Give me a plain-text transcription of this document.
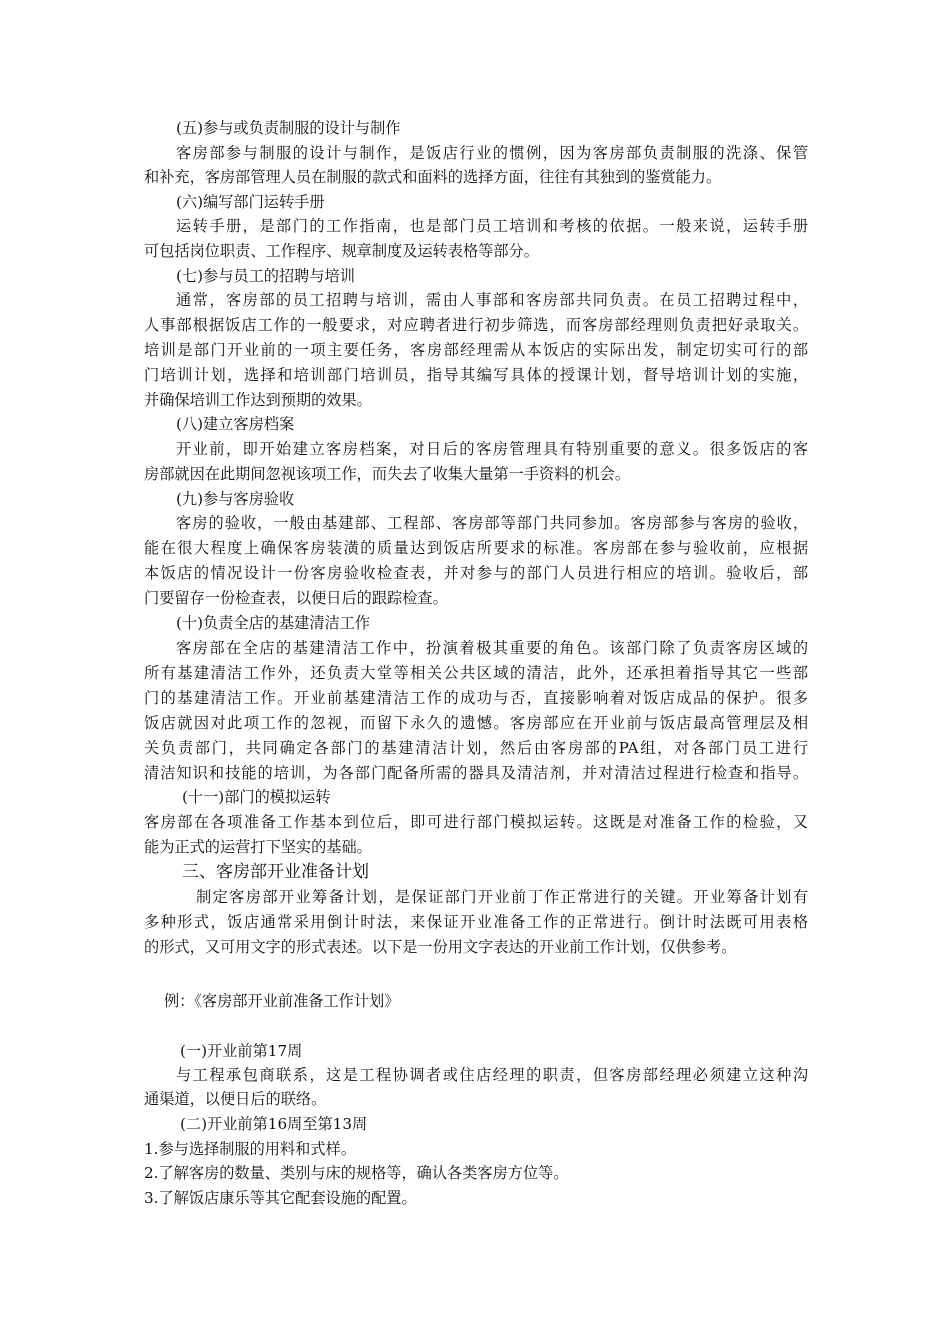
(五)参与或负责制服的设计与制作
客房部参与制服的设计与制作，是饭店行业的惯例，因为客房部负责制服的洗涤、保管
和补充，客房部管理人员在制服的款式和面料的选择方面，往往有其独到的鉴赏能力。
(六)编写部门运转手册
运转手册，是部门的工作指南，也是部门员工培训和考核的依据。一般来说，运转手册
可包括岗位职责、工作程序、规章制度及运转表格等部分。
(七)参与员工的招聘与培训
通常，客房部的员工招聘与培训，需由人事部和客房部共同负责。在员工招聘过程中，
人事部根据饭店工作的一般要求，对应聘者进行初步筛选，而客房部经理则负责把好录取关。
培训是部门开业前的一项主要任务，客房部经理需从本饭店的实际出发，制定切实可行的部
门培训计划，选择和培训部门培训员，指导其编写具体的授课计划，督导培训计划的实施，
并确保培训工作达到预期的效果。
(八)建立客房档案
开业前，即开始建立客房档案，对日后的客房管理具有特别重要的意义。很多饭店的客
房部就因在此期间忽视该项工作，而失去了收集大量第一手资料的机会。
(九)参与客房验收
客房的验收，一般由基建部、工程部、客房部等部门共同参加。客房部参与客房的验收，
能在很大程度上确保客房装潢的质量达到饭店所要求的标准。客房部在参与验收前，应根据
本饭店的情况设计一份客房验收检查表，并对参与的部门人员进行相应的培训。验收后，部
门要留存一份检查表，以便日后的跟踪检查。
(十)负责全店的基建清洁工作
客房部在全店的基建清洁工作中，扮演着极其重要的角色。该部门除了负责客房区域的
所有基建清洁工作外，还负责大堂等相关公共区域的清洁，此外，还承担着指导其它一些部
门的基建清洁工作。开业前基建清洁工作的成功与否，直接影响着对饭店成品的保护。很多
饭店就因对此项工作的忽视，而留下永久的遗憾。客房部应在开业前与饭店最高管理层及相
关负责部门，共同确定各部门的基建清洁计划，然后由客房部的PA组，对各部门员工进行
清洁知识和技能的培训，为各部门配备所需的器具及清洁剂，并对清洁过程进行检查和指导。
(十一)部门的模拟运转
客房部在各项准备工作基本到位后，即可进行部门模拟运转。这既是对准备工作的检验，又
能为正式的运营打下坚实的基础。
三、客房部开业准备计划
制定客房部开业筹备计划，是保证部门开业前丁作正常进行的关键。开业筹备计划有
多种形式，饭店通常采用倒计时法，来保证开业准备工作的正常进行。倒计时法既可用表格
的形式，又可用文字的形式表述。以下是一份用文字表达的开业前工作计划，仅供参考。
例：《客房部开业前准备工作计划》
(一)开业前第17周
与工程承包商联系，这是工程协调者或住店经理的职责，但客房部经理必须建立这种沟
通渠道，以便日后的联络。
(二)开业前第16周至第13周
1.参与选择制服的用料和式样。
2.了解客房的数量、类别与床的规格等，确认各类客房方位等。
3.了解饭店康乐等其它配套设施的配置。
